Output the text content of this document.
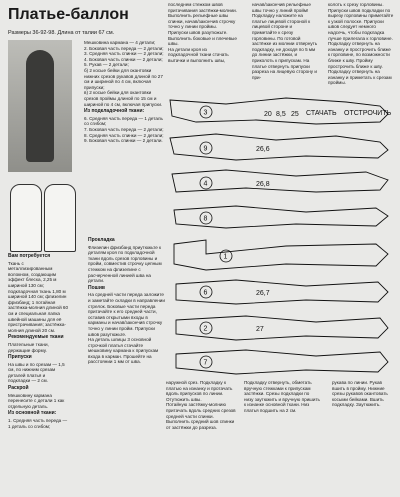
Платье-баллон
Размеры 36-92-98. Длина от талии 67 см.
Вам потребуется

Ткань с металлизированным волокном, создающим эффект блеска, 2,25 м шириной 130 см; подкладочная ткань 1,80 м шириной 140 см; флизелин фризбанд; 1 потайная застёжка-молния длиной 60 см и специальная лапка швейной машины для её пристрачивания; застёжка-молния длиной 20 см.

Рекомендуемые ткани

Плательные ткани, держащие форму.

Припуски

На швы и по срезам — 1,5 см, по нижним срезам деталей платья и подкладки — 2 см.

Раскрой

Мешковину кармана перенесите с детали 1 как отдельную деталь.

Из основной ткани:

1. Средняя часть переда — 1 деталь со сгибом;

Мешковина кармана — 4 детали;
2. Боковая часть переда — 2 детали;
3. Средняя часть спинки — 2 детали;
4. Боковая часть спинки — 2 детали;
5. Рукав — 2 детали;
б) 2 косые бейки для окантовки нижних срезов рукавов длиной по 27 см и шириной по 4 см, включая припуски;
в) 2 косые бейки для окантовки срезов проймы длиной по 15 см и шириной по 4 см, включая припуски.

Из подкладочной ткани:

6. Средняя часть переда — 1 деталь со сгибом;
7. Боковая часть переда — 2 детали;
8. Средняя часть спинки — 2 детали;
9. Боковая часть спинки — 2 детали.

Прокладка

Флизелин фризбанд приутюжьте к деталям кроя по подкладочной ткани вдоль срезов горловины и пройм, совместив строчку цепным стежком на флизелине с расчерченной линией шва на детали.

Пошив

На средней части переда заложите и заметайте складки в направлении стрелок. Боковые части переда притачайте к его средней части, оставив открытыми входы в карманы и начав/закончив строчку точно у линии пройм. Припуски швов разутюжьте.
На деталь шлицы 3 основной строчкой платья стачайте мешковину кармана к припускам входа в карман. Прошейте на расстоянии 1 мм от шва.

последнем стежком швов притачивания застёжки-молнии.
Выполнить рельефные швы спинки, начав/закончив строчку точно у линии проймы. Припуски швов разутюжьте.
Выполнить боковые и плечевые швы.
На детали кроя из подкладочной ткани стачать вытачки и выполнить швы,

начав/закончив рельефные швы точно у линий пройм! Подкладку наложите на платье лицевой стороной к лицевой стороне и приметайте к срезу горловины. По готовой застёжке из молнии отвернуть подкладку, не доходя по 5 мм до линии застёжки, и приколоть к припускам. На платье отвернуть припуски разреза на лицевую сторону и при-

колоть к срезу горловины. Припуски швов подкладки по вырезу горловины приметайте к узкой полоске. Припуски швов следует немного надсечь, чтобы подкладка лучше прилегала к горловине. Подкладку отвернуть на изнанку и прострочить ближе к горловине, по возможности ближе к шву. Пройму прострочить ближе к шву. Подкладку отвернуть на изнанку и приметать к срезам проймы.

наружной срез. Подкладку к платью на изнанку и протачать вдоль припусков по линии. Отутюжить швы.
Потайную застёжку-молнию притачать вдоль средних срезов средней части спинки. Выполнить средний шов спинки от застёжки до разреза.

Подкладку отвернуть, обметать вручную стежками к припускам застёжки. Срезы подкладки по низу заутюжить и вручную пришить к изнанке основной ткани. Низ платья подшить на 2 см.

рукава по линии. Рукав вшить в пройму. Нижние срезы рукавов окантовать косыми бейками. Вшить подкладку. Заутюжить.

3	СТАЧАТЬ ОТСТРОЧИТЬ
8,5 25
20
9	26,6
4	26,8
8
1
6	26,7
2	27
7
